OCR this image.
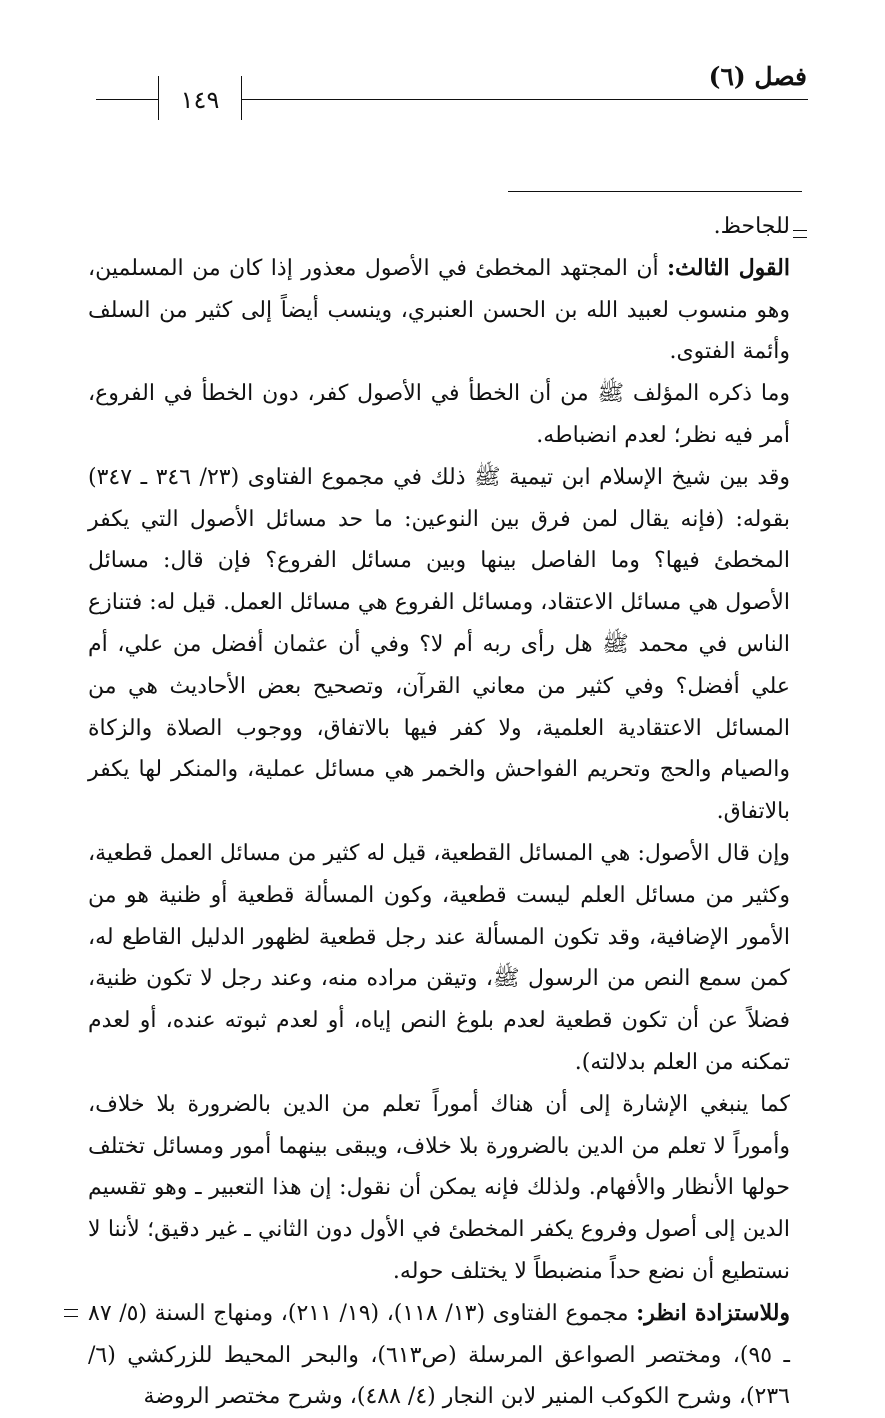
فصل (٦)
١٤٩

للجاحظ.

القول الثالث: أن المجتهد المخطئ في الأصول معذور إذا كان من المسلمين، وهو منسوب لعبيد الله بن الحسن العنبري، وينسب أيضاً إلى كثير من السلف وأئمة الفتوى.

وما ذكره المؤلف ﷺ من أن الخطأ في الأصول كفر، دون الخطأ في الفروع، أمر فيه نظر؛ لعدم انضباطه.

وقد بين شيخ الإسلام ابن تيمية ﷺ ذلك في مجموع الفتاوى (٢٣/ ٣٤٦ ـ ٣٤٧) بقوله: (فإنه يقال لمن فرق بين النوعين: ما حد مسائل الأصول التي يكفر المخطئ فيها؟ وما الفاصل بينها وبين مسائل الفروع؟ فإن قال: مسائل الأصول هي مسائل الاعتقاد، ومسائل الفروع هي مسائل العمل. قيل له: فتنازع الناس في محمد ﷺ هل رأى ربه أم لا؟ وفي أن عثمان أفضل من علي، أم علي أفضل؟ وفي كثير من معاني القرآن، وتصحيح بعض الأحاديث هي من المسائل الاعتقادية العلمية، ولا كفر فيها بالاتفاق، ووجوب الصلاة والزكاة والصيام والحج وتحريم الفواحش والخمر هي مسائل عملية، والمنكر لها يكفر بالاتفاق.

وإن قال الأصول: هي المسائل القطعية، قيل له كثير من مسائل العمل قطعية، وكثير من مسائل العلم ليست قطعية، وكون المسألة قطعية أو ظنية هو من الأمور الإضافية، وقد تكون المسألة عند رجل قطعية لظهور الدليل القاطع له، كمن سمع النص من الرسول ﷺ، وتيقن مراده منه، وعند رجل لا تكون ظنية، فضلاً عن أن تكون قطعية لعدم بلوغ النص إياه، أو لعدم ثبوته عنده، أو لعدم تمكنه من العلم بدلالته).

كما ينبغي الإشارة إلى أن هناك أموراً تعلم من الدين بالضرورة بلا خلاف، وأموراً لا تعلم من الدين بالضرورة بلا خلاف، ويبقى بينهما أمور ومسائل تختلف حولها الأنظار والأفهام. ولذلك فإنه يمكن أن نقول: إن هذا التعبير ـ وهو تقسيم الدين إلى أصول وفروع يكفر المخطئ في الأول دون الثاني ـ غير دقيق؛ لأننا لا نستطيع أن نضع حداً منضبطاً لا يختلف حوله.

وللاستزادة انظر: مجموع الفتاوى (١٣/ ١١٨)، (١٩/ ٢١١)، ومنهاج السنة (٥/ ٨٧ ـ ٩٥)، ومختصر الصواعق المرسلة (ص٦١٣)، والبحر المحيط للزركشي (٦/ ٢٣٦)، وشرح الكوكب المنير لابن النجار (٤/ ٤٨٨)، وشرح مختصر الروضة
